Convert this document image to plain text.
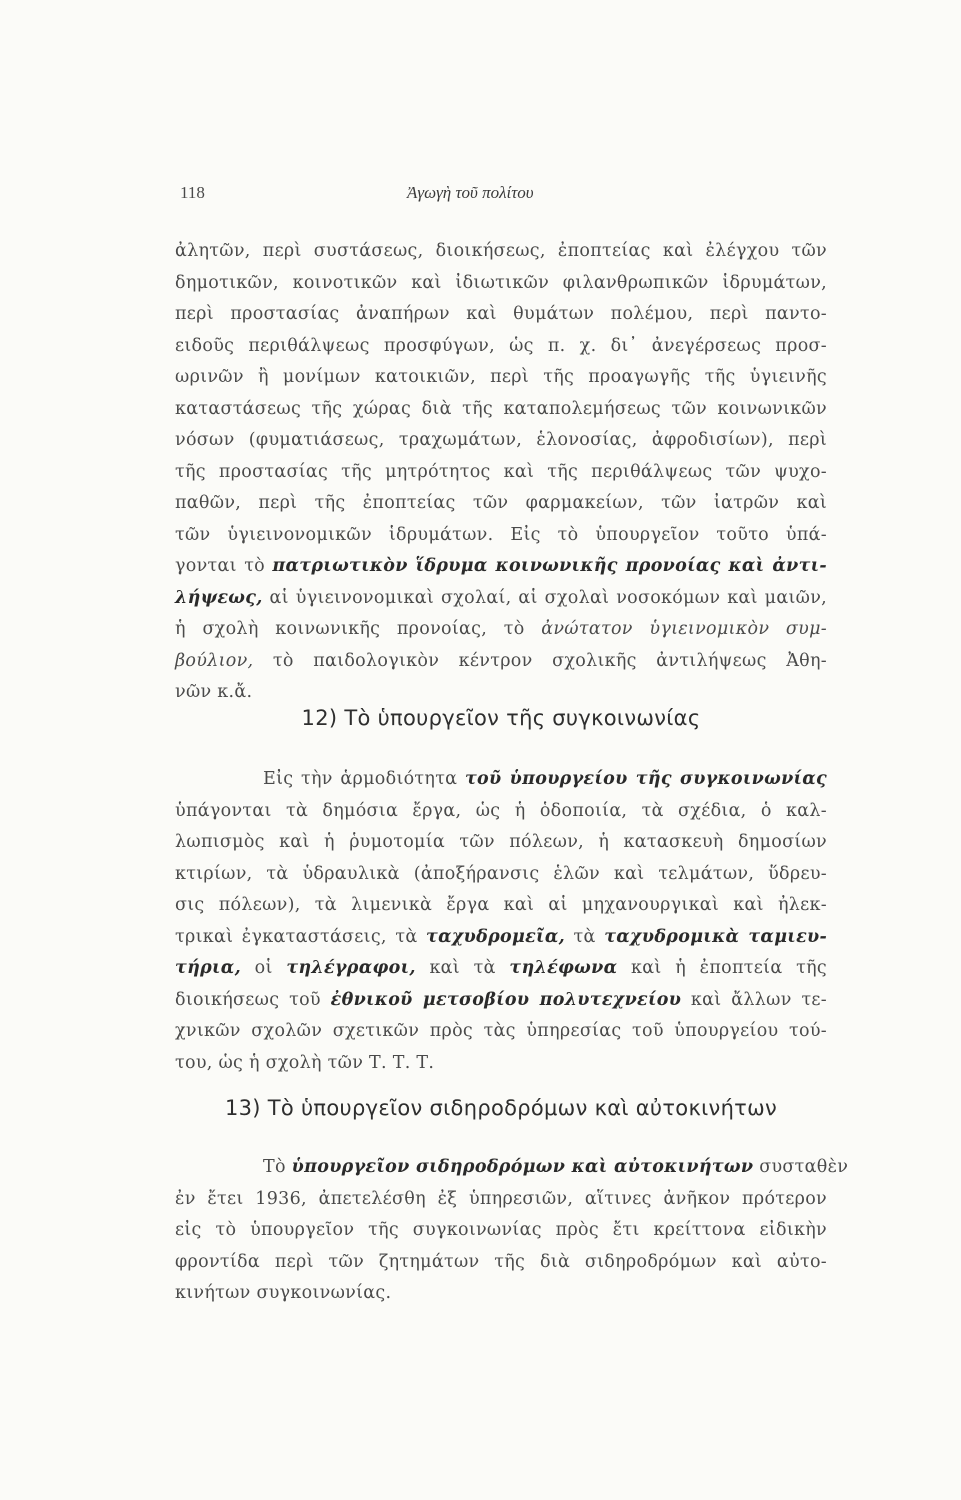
118	Ἀγωγὴ τοῦ πολίτου
ἀλητῶν, περὶ συστάσεως, διοικήσεως, ἐποπτείας καὶ ἐλέγχου τῶν
δημοτικῶν, κοινοτικῶν καὶ ἰδιωτικῶν φιλανθρωπικῶν ἱδρυμάτων,
περὶ προστασίας ἀναπήρων καὶ θυμάτων πολέμου, περὶ παντο-
ειδοῦς περιθάλψεως προσφύγων, ὡς π. χ. δι᾽ ἀνεγέρσεως προσ-
ωρινῶν ἢ μονίμων κατοικιῶν, περὶ τῆς προαγωγῆς τῆς ὑγιεινῆς
καταστάσεως τῆς χώρας διὰ τῆς καταπολεμήσεως τῶν κοινωνικῶν
νόσων (φυματιάσεως, τραχωμάτων, ἑλονοσίας, ἀφροδισίων), περὶ
τῆς προστασίας τῆς μητρότητος καὶ τῆς περιθάλψεως τῶν ψυχο-
παθῶν, περὶ τῆς ἐποπτείας τῶν φαρμακείων, τῶν ἰατρῶν καὶ
τῶν ὑγιεινονομικῶν ἱδρυμάτων. Εἰς τὸ ὑπουργεῖον τοῦτο ὑπά-
γονται τὸ πατριωτικὸν ἵδρυμα κοινωνικῆς προνοίας καὶ ἀντι-
λήψεως, αἱ ὑγιεινονομικαὶ σχολαί, αἱ σχολαὶ νοσοκόμων καὶ μαιῶν,
ἡ σχολὴ κοινωνικῆς προνοίας, τὸ ἀνώτατον ὑγιεινομικὸν συμ-
βούλιον, τὸ παιδολογικὸν κέντρον σχολικῆς ἀντιλήψεως Ἀθη-
νῶν κ.ἄ.
12) Τὸ ὑπουργεῖον τῆς συγκοινωνίας
Εἰς τὴν ἁρμοδιότητα τοῦ ὑπουργείου τῆς συγκοινωνίας
ὑπάγονται τὰ δημόσια ἔργα, ὡς ἡ ὁδοποιία, τὰ σχέδια, ὁ καλ-
λωπισμὸς καὶ ἡ ῥυμοτομία τῶν πόλεων, ἡ κατασκευὴ δημοσίων
κτιρίων, τὰ ὑδραυλικὰ (ἀποξήρανσις ἑλῶν καὶ τελμάτων, ὕδρευ-
σις πόλεων), τὰ λιμενικὰ ἔργα καὶ αἱ μηχανουργικαὶ καὶ ἠλεκ-
τρικαὶ ἐγκαταστάσεις, τὰ ταχυδρομεῖα, τὰ ταχυδρομικὰ ταμιευ-
τήρια, οἱ τηλέγραφοι, καὶ τὰ τηλέφωνα καὶ ἡ ἐποπτεία τῆς
διοικήσεως τοῦ ἐθνικοῦ μετσοβίου πολυτεχνείου καὶ ἄλλων τε-
χνικῶν σχολῶν σχετικῶν πρὸς τὰς ὑπηρεσίας τοῦ ὑπουργείου τού-
του, ὡς ἡ σχολὴ τῶν Τ. Τ. Τ.
13) Τὸ ὑπουργεῖον σιδηροδρόμων καὶ αὐτοκινήτων
Τὸ ὑπουργεῖον σιδηροδρόμων καὶ αὐτοκινήτων συσταθὲν
ἐν ἔτει 1936, ἀπετελέσθη ἐξ ὑπηρεσιῶν, αἵτινες ἀνῆκον πρότερον
εἰς τὸ ὑπουργεῖον τῆς συγκοινωνίας πρὸς ἔτι κρείττονα εἰδικὴν
φροντίδα περὶ τῶν ζητημάτων τῆς διὰ σιδηροδρόμων καὶ αὐτο-
κινήτων συγκοινωνίας.
